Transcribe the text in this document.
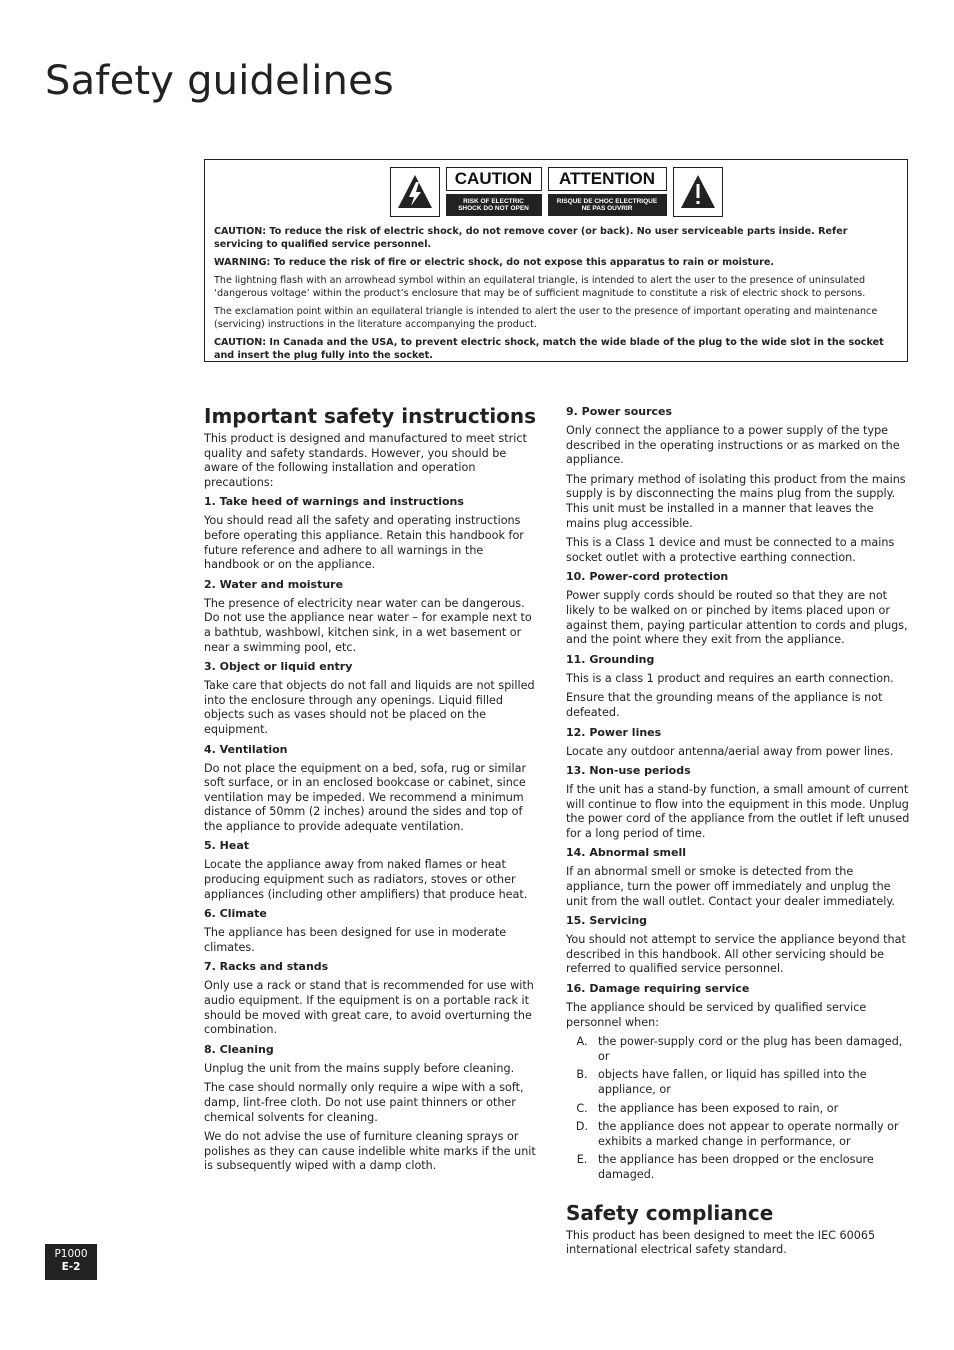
Safety guidelines
CAUTION
RISK OF ELECTRIC
SHOCK DO NOT OPEN
ATTENTION
RISQUE DE CHOC ELECTRIQUE
NE PAS OUVRIR

CAUTION: To reduce the risk of electric shock, do not remove cover (or back). No user serviceable parts inside. Refer servicing to qualified service personnel.

WARNING: To reduce the risk of fire or electric shock, do not expose this apparatus to rain or moisture.

The lightning flash with an arrowhead symbol within an equilateral triangle, is intended to alert the user to the presence of uninsulated ‘dangerous voltage’ within the product’s enclosure that may be of sufficient magnitude to constitute a risk of electric shock to persons.

The exclamation point within an equilateral triangle is intended to alert the user to the presence of important operating and maintenance (servicing) instructions in the literature accompanying the product.

CAUTION: In Canada and the USA, to prevent electric shock, match the wide blade of the plug to the wide slot in the socket and insert the plug fully into the socket.

Important safety instructions

This product is designed and manufactured to meet strict quality and safety standards. However, you should be aware of the following installation and operation precautions:

1. Take heed of warnings and instructions

You should read all the safety and operating instructions before operating this appliance. Retain this handbook for future reference and adhere to all warnings in the handbook or on the appliance.

2. Water and moisture

The presence of electricity near water can be dangerous. Do not use the appliance near water – for example next to a bathtub, washbowl, kitchen sink, in a wet basement or near a swimming pool, etc.

3. Object or liquid entry

Take care that objects do not fall and liquids are not spilled into the enclosure through any openings. Liquid filled objects such as vases should not be placed on the equipment.

4. Ventilation

Do not place the equipment on a bed, sofa, rug or similar soft surface, or in an enclosed bookcase or cabinet, since ventilation may be impeded. We recommend a minimum distance of 50mm (2 inches) around the sides and top of the appliance to provide adequate ventilation.

5. Heat

Locate the appliance away from naked flames or heat producing equipment such as radiators, stoves or other appliances (including other amplifiers) that produce heat.

6. Climate

The appliance has been designed for use in moderate climates.

7. Racks and stands

Only use a rack or stand that is recommended for use with audio equipment. If the equipment is on a portable rack it should be moved with great care, to avoid overturning the combination.

8. Cleaning

Unplug the unit from the mains supply before cleaning.

The case should normally only require a wipe with a soft, damp, lint-free cloth. Do not use paint thinners or other chemical solvents for cleaning.

We do not advise the use of furniture cleaning sprays or polishes as they can cause indelible white marks if the unit is subsequently wiped with a damp cloth.

9. Power sources

Only connect the appliance to a power supply of the type described in the operating instructions or as marked on the appliance.

The primary method of isolating this product from the mains supply is by disconnecting the mains plug from the supply. This unit must be installed in a manner that leaves the mains plug accessible.

This is a Class 1 device and must be connected to a mains socket outlet with a protective earthing connection.

10. Power-cord protection

Power supply cords should be routed so that they are not likely to be walked on or pinched by items placed upon or against them, paying particular attention to cords and plugs, and the point where they exit from the appliance.

11. Grounding

This is a class 1 product and requires an earth connection.

Ensure that the grounding means of the appliance is not defeated.

12. Power lines

Locate any outdoor antenna/aerial away from power lines.

13. Non-use periods

If the unit has a stand-by function, a small amount of current will continue to flow into the equipment in this mode. Unplug the power cord of the appliance from the outlet if left unused for a long period of time.

14. Abnormal smell

If an abnormal smell or smoke is detected from the appliance, turn the power off immediately and unplug the unit from the wall outlet. Contact your dealer immediately.

15. Servicing

You should not attempt to service the appliance beyond that described in this handbook. All other servicing should be referred to qualified service personnel.

16. Damage requiring service

The appliance should be serviced by qualified service personnel when:

A. the power-supply cord or the plug has been damaged, or
B. objects have fallen, or liquid has spilled into the appliance, or
C. the appliance has been exposed to rain, or
D. the appliance does not appear to operate normally or exhibits a marked change in performance, or
E. the appliance has been dropped or the enclosure damaged.
Safety compliance

This product has been designed to meet the IEC 60065 international electrical safety standard.

P1000
E-2
